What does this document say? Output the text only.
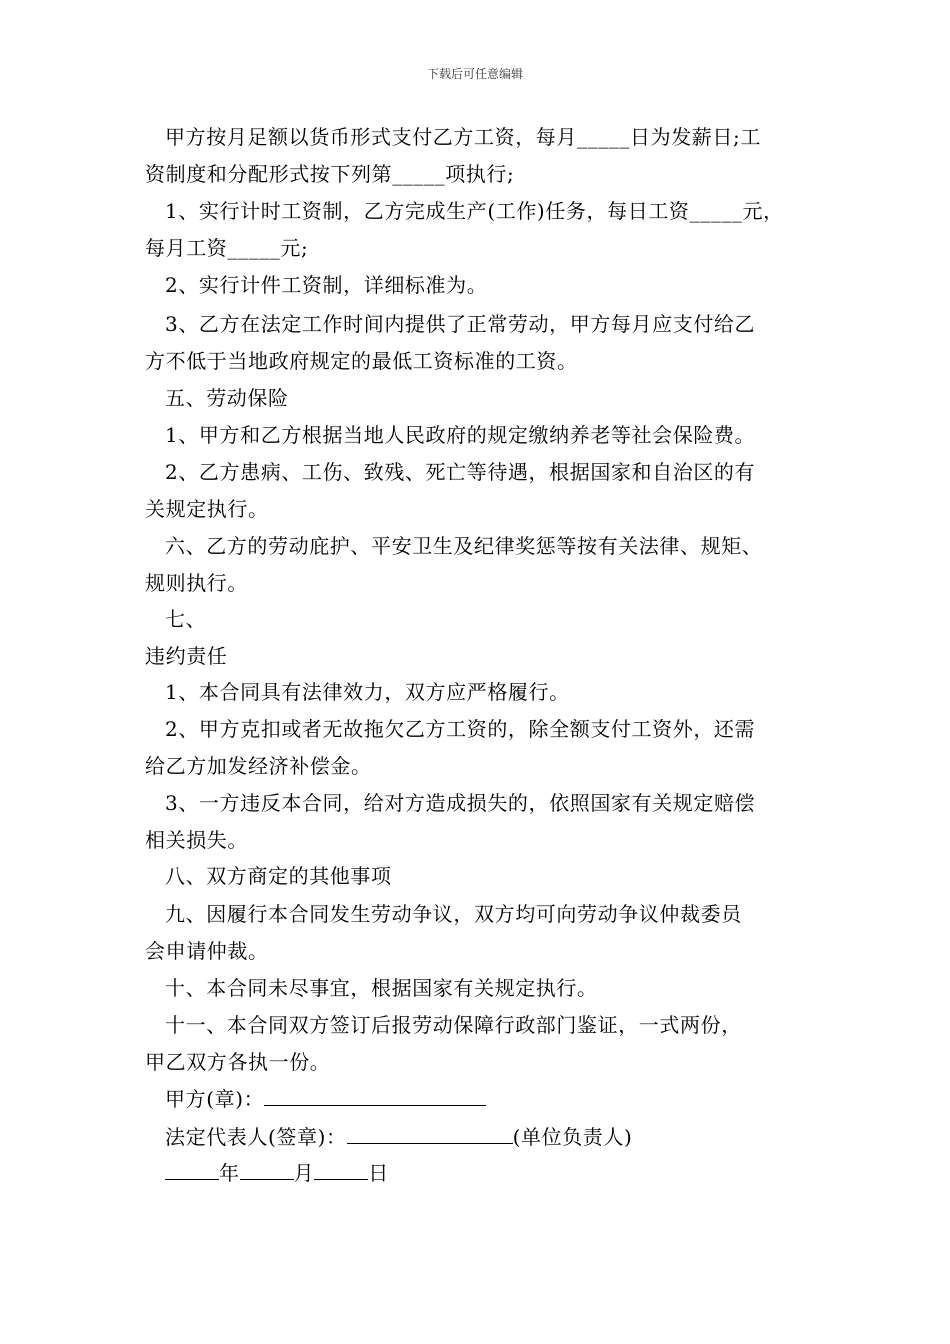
下载后可任意编辑
甲方按月足额以货币形式支付乙方工资，每月_____日为发薪日;工
资制度和分配形式按下列第_____项执行;
1、实行计时工资制，乙方完成生产(工作)任务，每日工资_____元，
每月工资_____元;
2、实行计件工资制，详细标准为。
3、乙方在法定工作时间内提供了正常劳动，甲方每月应支付给乙
方不低于当地政府规定的最低工资标准的工资。
五、劳动保险
1、甲方和乙方根据当地人民政府的规定缴纳养老等社会保险费。
2、乙方患病、工伤、致残、死亡等待遇，根据国家和自治区的有
关规定执行。
六、乙方的劳动庇护、平安卫生及纪律奖惩等按有关法律、规矩、
规则执行。
七、
违约责任
1、本合同具有法律效力，双方应严格履行。
2、甲方克扣或者无故拖欠乙方工资的，除全额支付工资外，还需
给乙方加发经济补偿金。
3、一方违反本合同，给对方造成损失的，依照国家有关规定赔偿
相关损失。
八、双方商定的其他事项
九、因履行本合同发生劳动争议，双方均可向劳动争议仲裁委员
会申请仲裁。
十、本合同未尽事宜，根据国家有关规定执行。
十一、本合同双方签订后报劳动保障行政部门鉴证，一式两份，
甲乙双方各执一份。
甲方(章)：
法定代表人(签章)：	(单位负责人)
年	月	日
